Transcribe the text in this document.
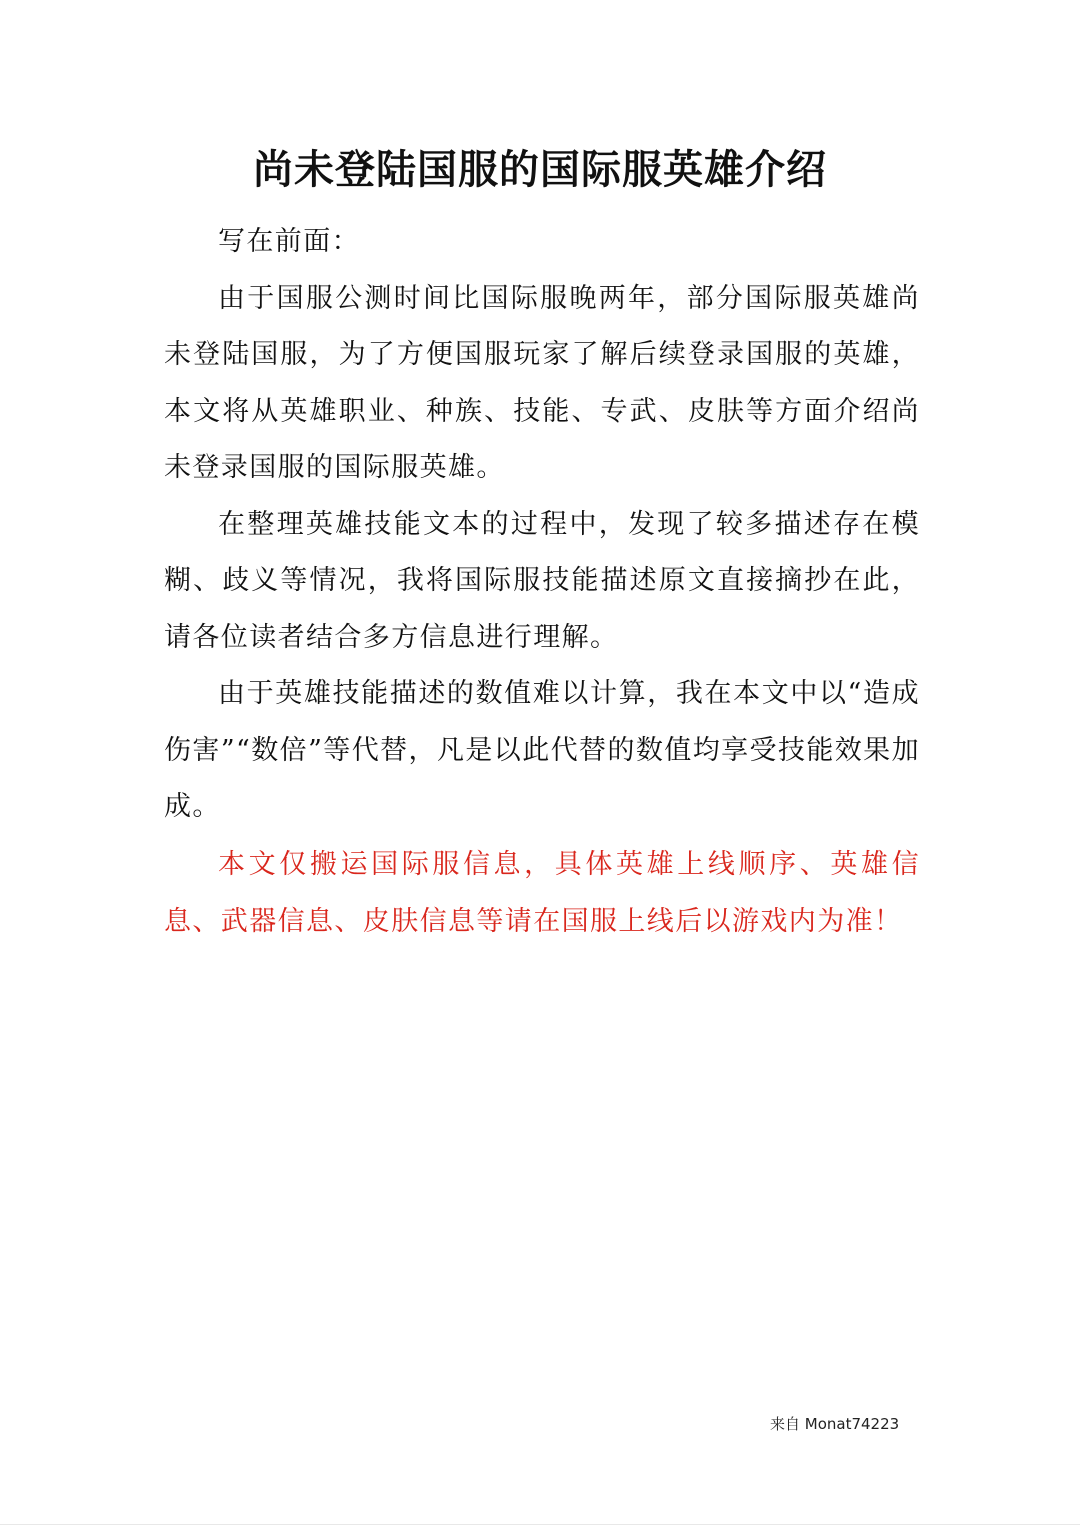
尚未登陆国服的国际服英雄介绍

写在前面：

由于国服公测时间比国际服晚两年，部分国际服英雄尚未登陆国服，为了方便国服玩家了解后续登录国服的英雄，本文将从英雄职业、种族、技能、专武、皮肤等方面介绍尚未登录国服的国际服英雄。

在整理英雄技能文本的过程中，发现了较多描述存在模糊、歧义等情况，我将国际服技能描述原文直接摘抄在此，请各位读者结合多方信息进行理解。

由于英雄技能描述的数值难以计算，我在本文中以“造成伤害”“数倍”等代替，凡是以此代替的数值均享受技能效果加成。

本文仅搬运国际服信息，具体英雄上线顺序、英雄信息、武器信息、皮肤信息等请在国服上线后以游戏内为准！

来自 Monat74223
